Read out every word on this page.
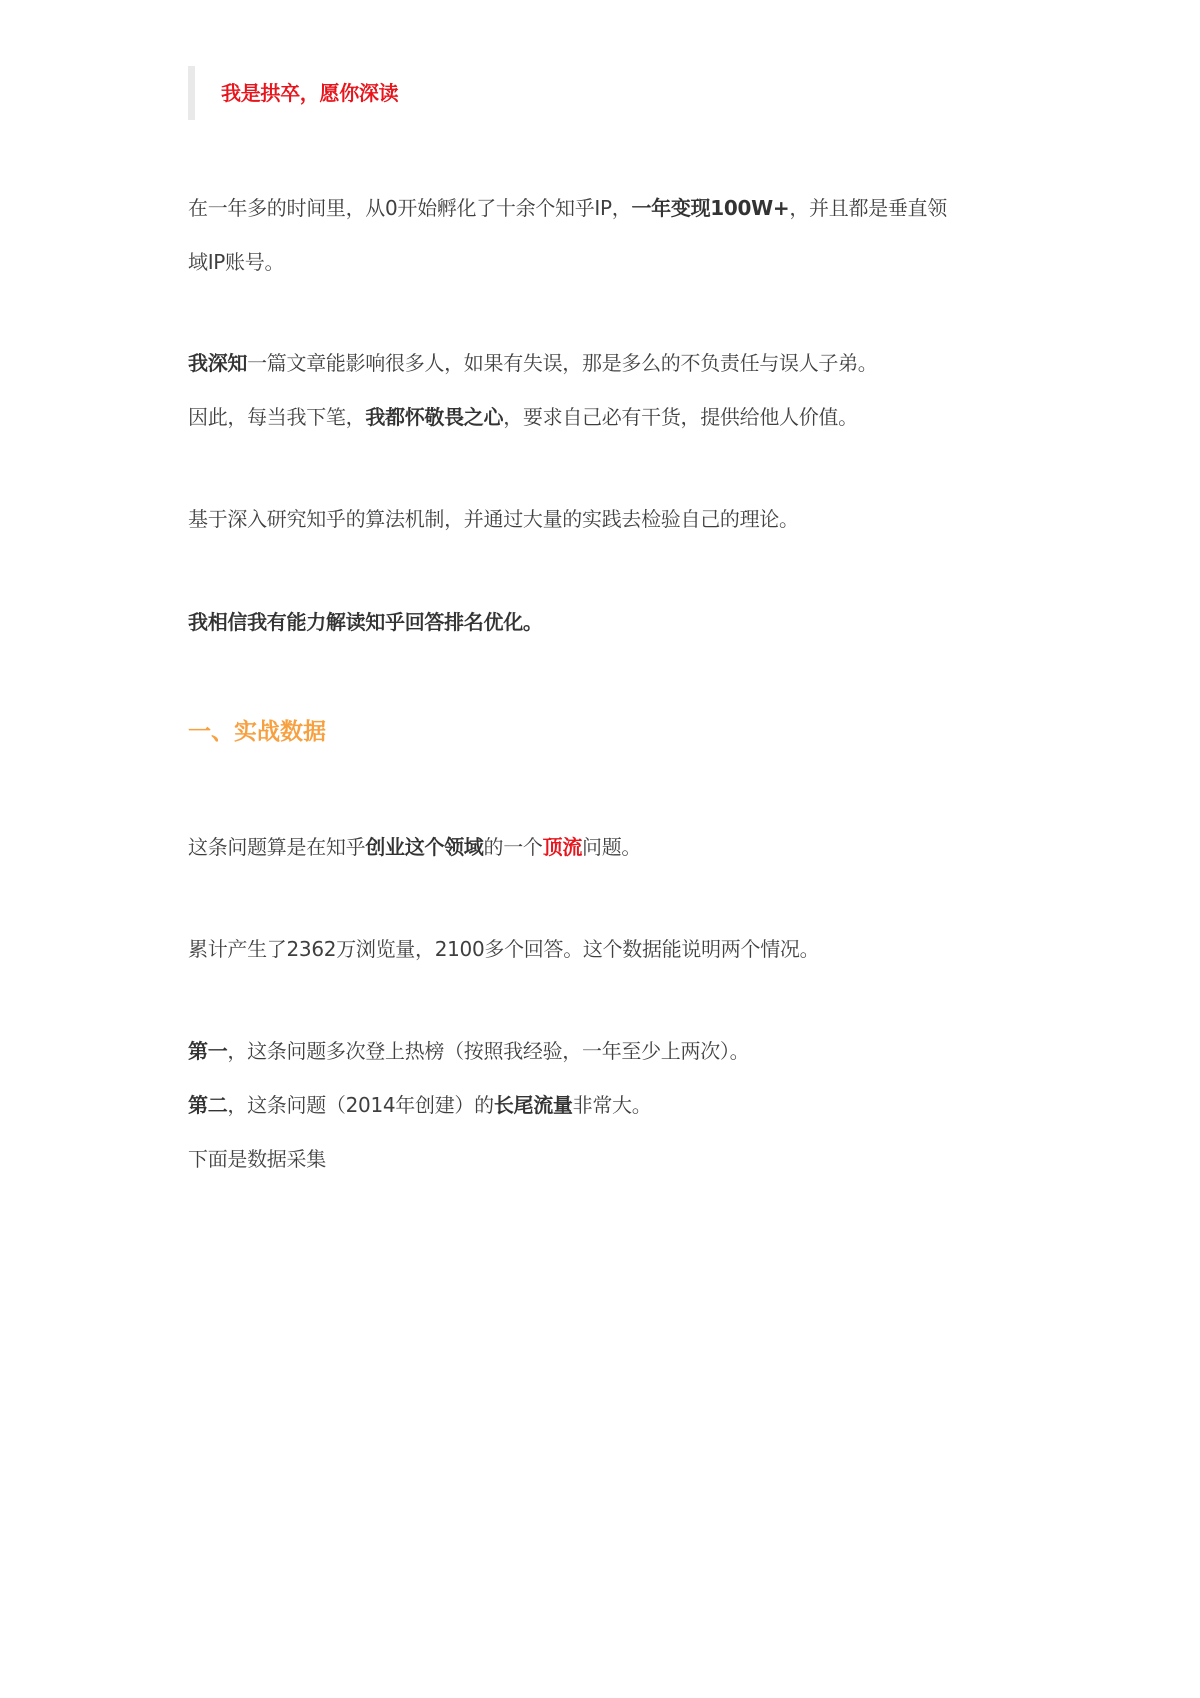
我是拱卒，愿你深读
在一年多的时间里，从0开始孵化了十余个知乎IP，一年变现100W+，并且都是垂直领
域IP账号。
我深知一篇文章能影响很多人，如果有失误，那是多么的不负责任与误人子弟。
因此，每当我下笔，我都怀敬畏之心，要求自己必有干货，提供给他人价值。
基于深入研究知乎的算法机制，并通过大量的实践去检验自己的理论。
我相信我有能力解读知乎回答排名优化。
一、实战数据
这条问题算是在知乎创业这个领域的一个顶流问题。
累计产生了2362万浏览量，2100多个回答。这个数据能说明两个情况。
第一，这条问题多次登上热榜（按照我经验，一年至少上两次）。
第二，这条问题（2014年创建）的长尾流量非常大。
下面是数据采集
